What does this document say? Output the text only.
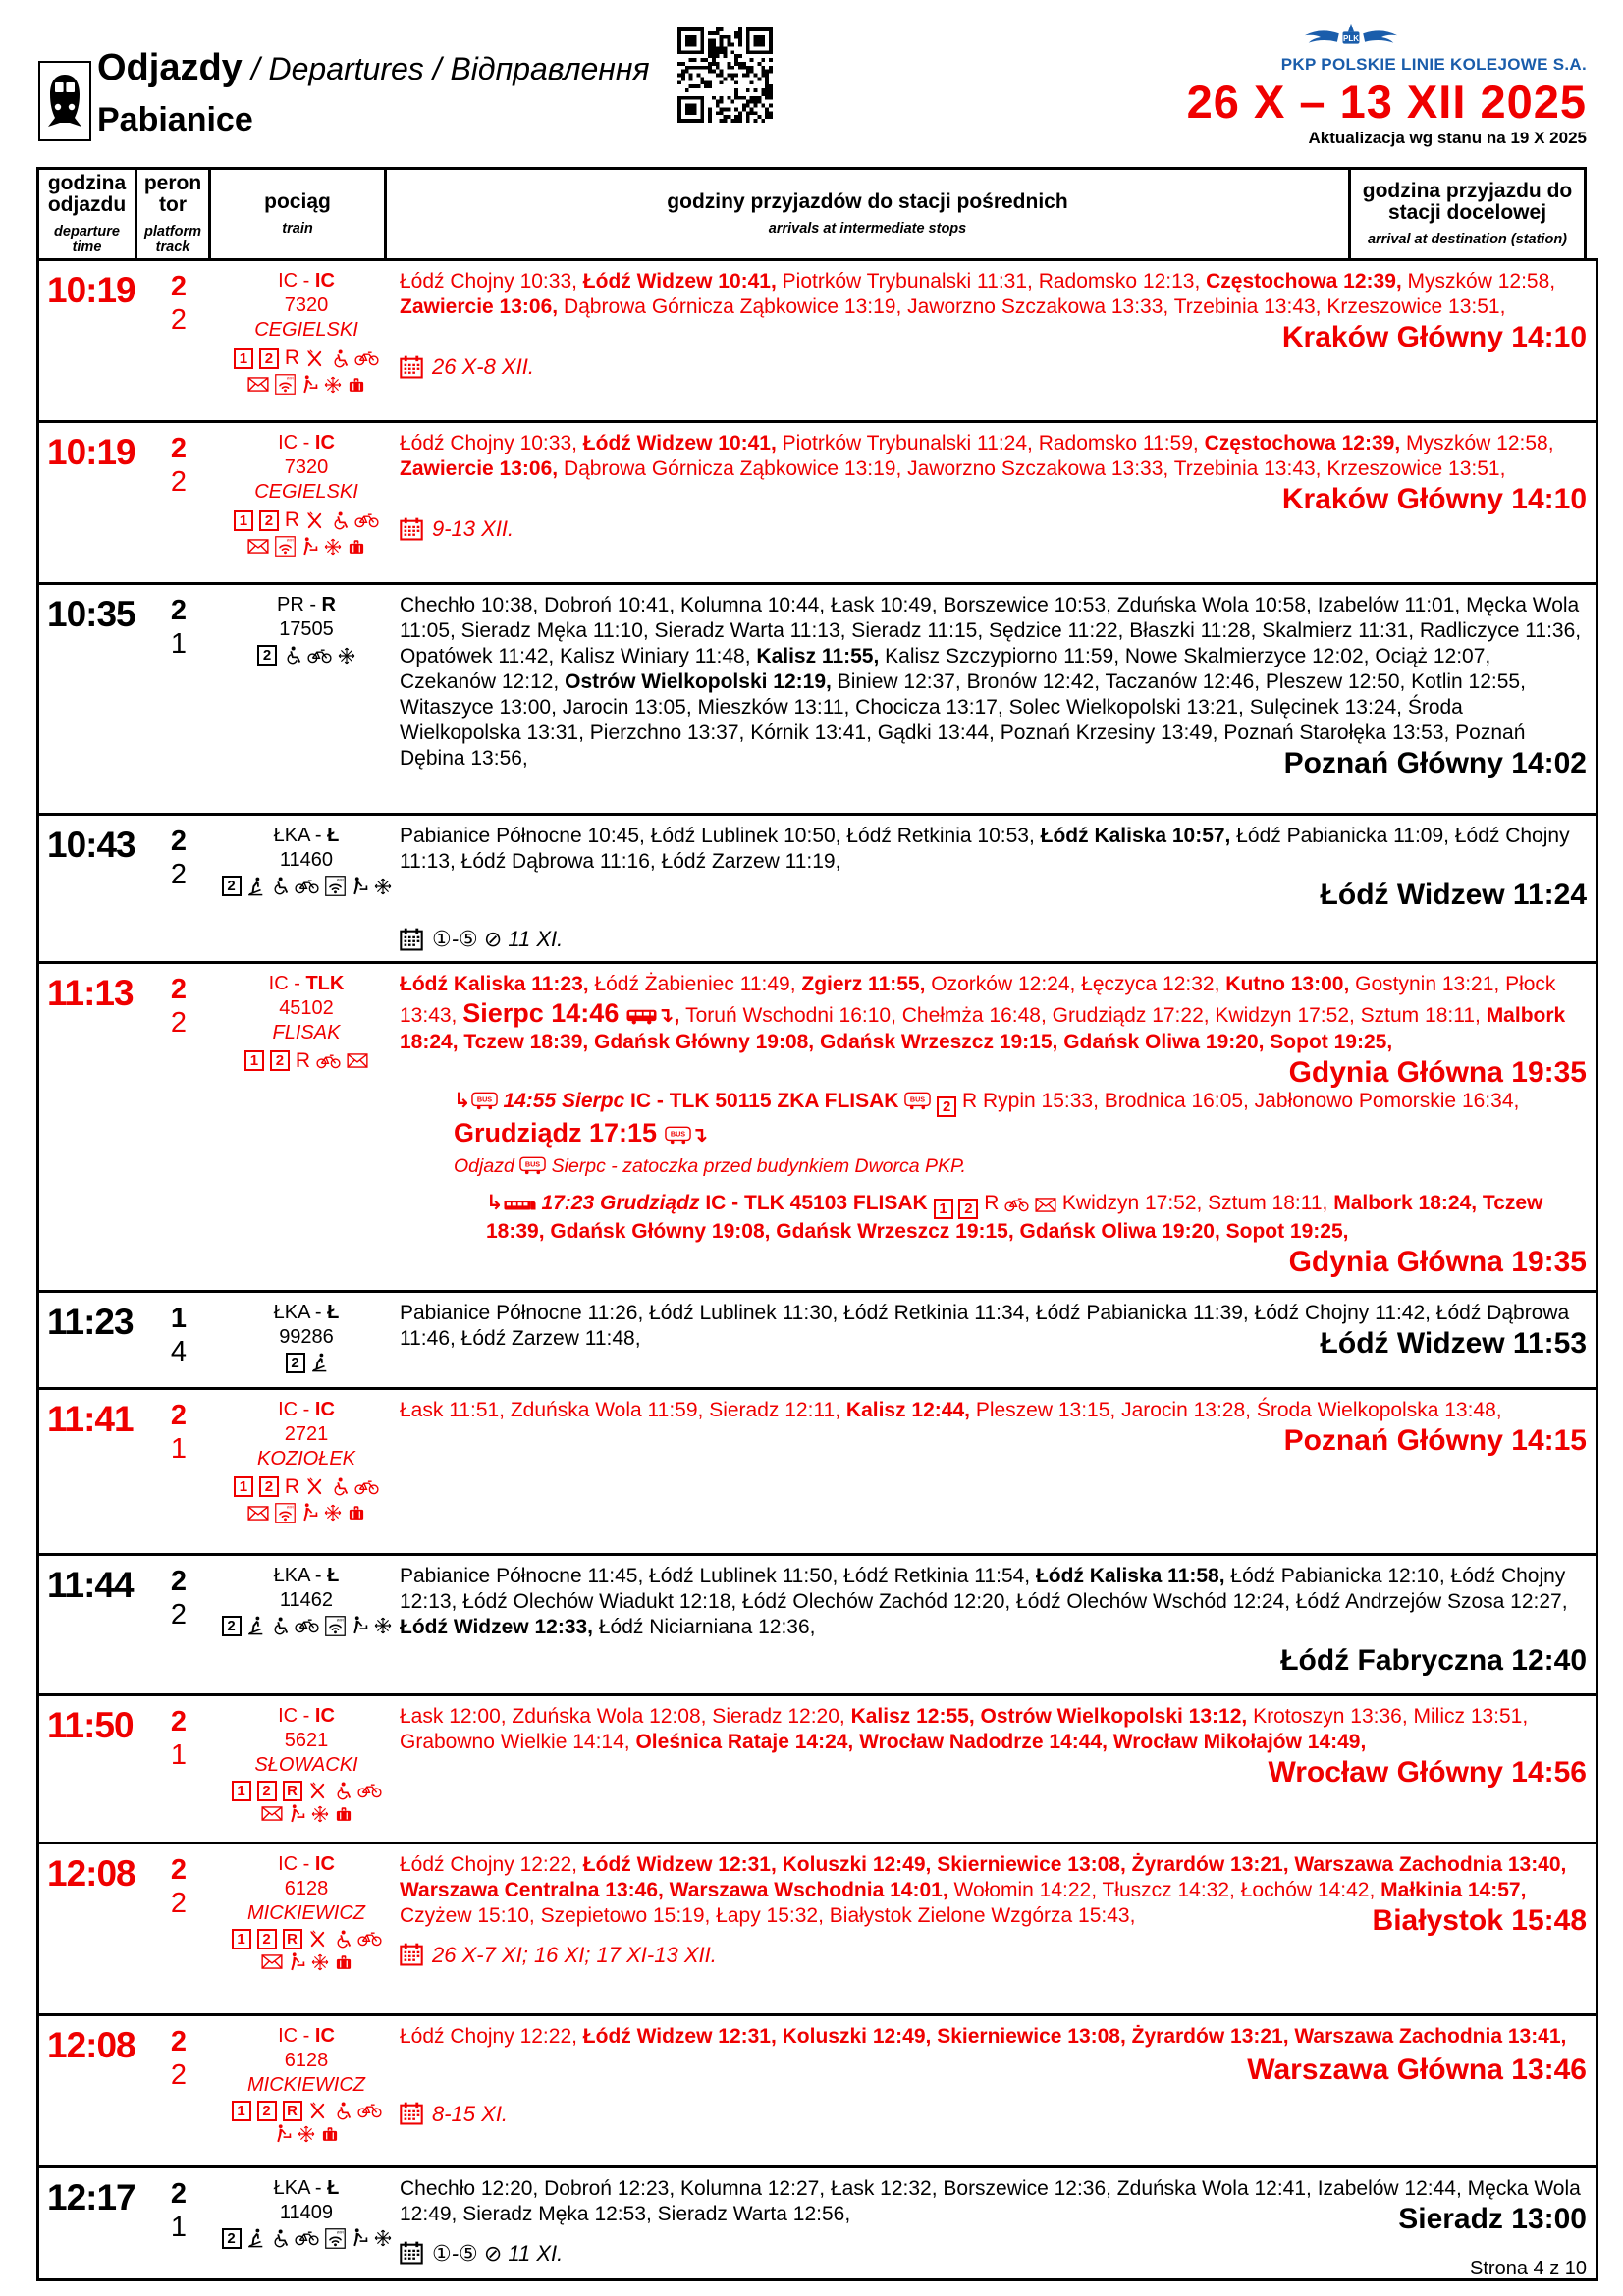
Odjazdy / Departures / Відправлення
Pabianice
PLK
PKP POLSKIE LINIE KOLEJOWE S.A.
26 X – 13 XII 2025
Aktualizacja wg stanu na 19 X 2025
godzina odjazdu
departure time
peron tor
platform track
pociąg
train
godziny przyjazdów do stacji pośrednich
arrivals at intermediate stops
godzina przyjazdu do stacji docelowej
arrival at destination (station)
10:19	2
2
IC - IC
7320
CEGIELSKI
1	2 R
WiFi
Łódź Chojny 10:33, Łódź Widzew 10:41, Piotrków Trybunalski 11:31, Radomsko 12:13, Częstochowa 12:39, Myszków 12:58, Zawiercie 13:06, Dąbrowa Górnicza Ząbkowice 13:19, Jaworzno Szczakowa 13:33, Trzebinia 13:43, Krzeszowice 13:51,
Kraków Główny 14:10
26 X-8 XII.
10:19	2
2
IC - IC
7320
CEGIELSKI
1	2 R
WiFi
Łódź Chojny 10:33, Łódź Widzew 10:41, Piotrków Trybunalski 11:24, Radomsko 11:59, Częstochowa 12:39, Myszków 12:58, Zawiercie 13:06, Dąbrowa Górnicza Ząbkowice 13:19, Jaworzno Szczakowa 13:33, Trzebinia 13:43, Krzeszowice 13:51,
Kraków Główny 14:10
9-13 XII.
10:35	2
1
PR - R
17505
2
Chechło 10:38, Dobroń 10:41, Kolumna 10:44, Łask 10:49, Borszewice 10:53, Zduńska Wola 10:58, Izabelów 11:01, Męcka Wola 11:05, Sieradz Męka 11:10, Sieradz Warta 11:13, Sieradz 11:15, Sędzice 11:22, Błaszki 11:28, Skalmierz 11:31, Radliczyce 11:36, Opatówek 11:42, Kalisz Winiary 11:48, Kalisz 11:55, Kalisz Szczypiorno 11:59, Nowe Skalmierzyce 12:02, Ociąż 12:07, Czekanów 12:12, Ostrów Wielkopolski 12:19, Biniew 12:37, Bronów 12:42, Taczanów 12:46, Pleszew 12:50, Kotlin 12:55, Witaszyce 13:00, Jarocin 13:05, Mieszków 13:11, Chocicza 13:17, Solec Wielkopolski 13:21, Sulęcinek 13:24, Środa Wielkopolska 13:31, Pierzchno 13:37, Kórnik 13:41, Gądki 13:44, Poznań Krzesiny 13:49, Poznań Starołęka 13:53, Poznań Dębina 13:56,	Poznań Główny 14:02
10:43	2
2
ŁKA - Ł
11460
2	WiFi
Pabianice Północne 10:45, Łódź Lublinek 10:50, Łódź Retkinia 10:53, Łódź Kaliska 10:57, Łódź Pabianicka 11:09, Łódź Chojny 11:13, Łódź Dąbrowa 11:16, Łódź Zarzew 11:19,
Łódź Widzew 11:24
①-⑤ ⊘ 11 XI.
11:13	2
2
IC - TLK
45102
FLISAK
1	2 R
Łódź Kaliska 11:23, Łódź Żabieniec 11:49, Zgierz 11:55, Ozorków 12:24, Łęczyca 12:32, Kutno 13:00, Gostynin 13:21, Płock 13:43, Sierpc 14:46 ↴, Toruń Wschodni 16:10, Chełmża 16:48, Grudziądz 17:22, Kwidzyn 17:52, Sztum 18:11, Malbork 18:24, Tczew 18:39, Gdańsk Główny 19:08, Gdańsk Wrzeszcz 19:15, Gdańsk Oliwa 19:20, Sopot 19:25,
Gdynia Główna 19:35
↳ BUS 14:55 Sierpc IC - TLK 50115 ZKA FLISAK BUS 2 R Rypin 15:33, Brodnica 16:05, Jabłonowo Pomorskie 16:34, Grudziądz 17:15 BUS ↴
Odjazd BUS Sierpc - zatoczka przed budynkiem Dworca PKP.
↳ 17:23 Grudziądz IC - TLK 45103 FLISAK 1 2 R	Kwidzyn 17:52, Sztum 18:11, Malbork 18:24, Tczew 18:39, Gdańsk Główny 19:08, Gdańsk Wrzeszcz 19:15, Gdańsk Oliwa 19:20, Sopot 19:25,
Gdynia Główna 19:35
11:23	1
4
ŁKA - Ł
99286
2
Pabianice Północne 11:26, Łódź Lublinek 11:30, Łódź Retkinia 11:34, Łódź Pabianicka 11:39, Łódź Chojny 11:42, Łódź Dąbrowa 11:46, Łódź Zarzew 11:48,	Łódź Widzew 11:53
11:41	2
1
IC - IC
2721
KOZIOŁEK
1	2 R
WiFi
Łask 11:51, Zduńska Wola 11:59, Sieradz 12:11, Kalisz 12:44, Pleszew 13:15, Jarocin 13:28, Środa Wielkopolska 13:48,
Poznań Główny 14:15
11:44	2
2
ŁKA - Ł
11462
2	WiFi
Pabianice Północne 11:45, Łódź Lublinek 11:50, Łódź Retkinia 11:54, Łódź Kaliska 11:58, Łódź Pabianicka 12:10, Łódź Chojny 12:13, Łódź Olechów Wiadukt 12:18, Łódź Olechów Zachód 12:20, Łódź Olechów Wschód 12:24, Łódź Andrzejów Szosa 12:27, Łódź Widzew 12:33, Łódź Niciarniana 12:36,
Łódź Fabryczna 12:40
11:50	2
1
IC - IC
5621
SŁOWACKI
1	2	R
Łask 12:00, Zduńska Wola 12:08, Sieradz 12:20, Kalisz 12:55, Ostrów Wielkopolski 13:12, Krotoszyn 13:36, Milicz 13:51, Grabowno Wielkie 14:14, Oleśnica Rataje 14:24, Wrocław Nadodrze 14:44, Wrocław Mikołajów 14:49,
Wrocław Główny 14:56
12:08	2
2
IC - IC
6128
MICKIEWICZ
1	2	R
Łódź Chojny 12:22, Łódź Widzew 12:31, Koluszki 12:49, Skierniewice 13:08, Żyrardów 13:21, Warszawa Zachodnia 13:40, Warszawa Centralna 13:46, Warszawa Wschodnia 14:01, Wołomin 14:22, Tłuszcz 14:32, Łochów 14:42, Małkinia 14:57, Czyżew 15:10, Szepietowo 15:19, Łapy 15:32, Białystok Zielone Wzgórza 15:43,	Białystok 15:48
26 X-7 XI; 16 XI; 17 XI-13 XII.
12:08	2
2
IC - IC
6128
MICKIEWICZ
1	2	R
Łódź Chojny 12:22, Łódź Widzew 12:31, Koluszki 12:49, Skierniewice 13:08, Żyrardów 13:21, Warszawa Zachodnia 13:41,
Warszawa Główna 13:46
8-15 XI.
12:17	2
1
ŁKA - Ł
11409
2	WiFi
Chechło 12:20, Dobroń 12:23, Kolumna 12:27, Łask 12:32, Borszewice 12:36, Zduńska Wola 12:41, Izabelów 12:44, Męcka Wola 12:49, Sieradz Męka 12:53, Sieradz Warta 12:56,	Sieradz 13:00
①-⑤ ⊘ 11 XI.
Strona 4 z 10
